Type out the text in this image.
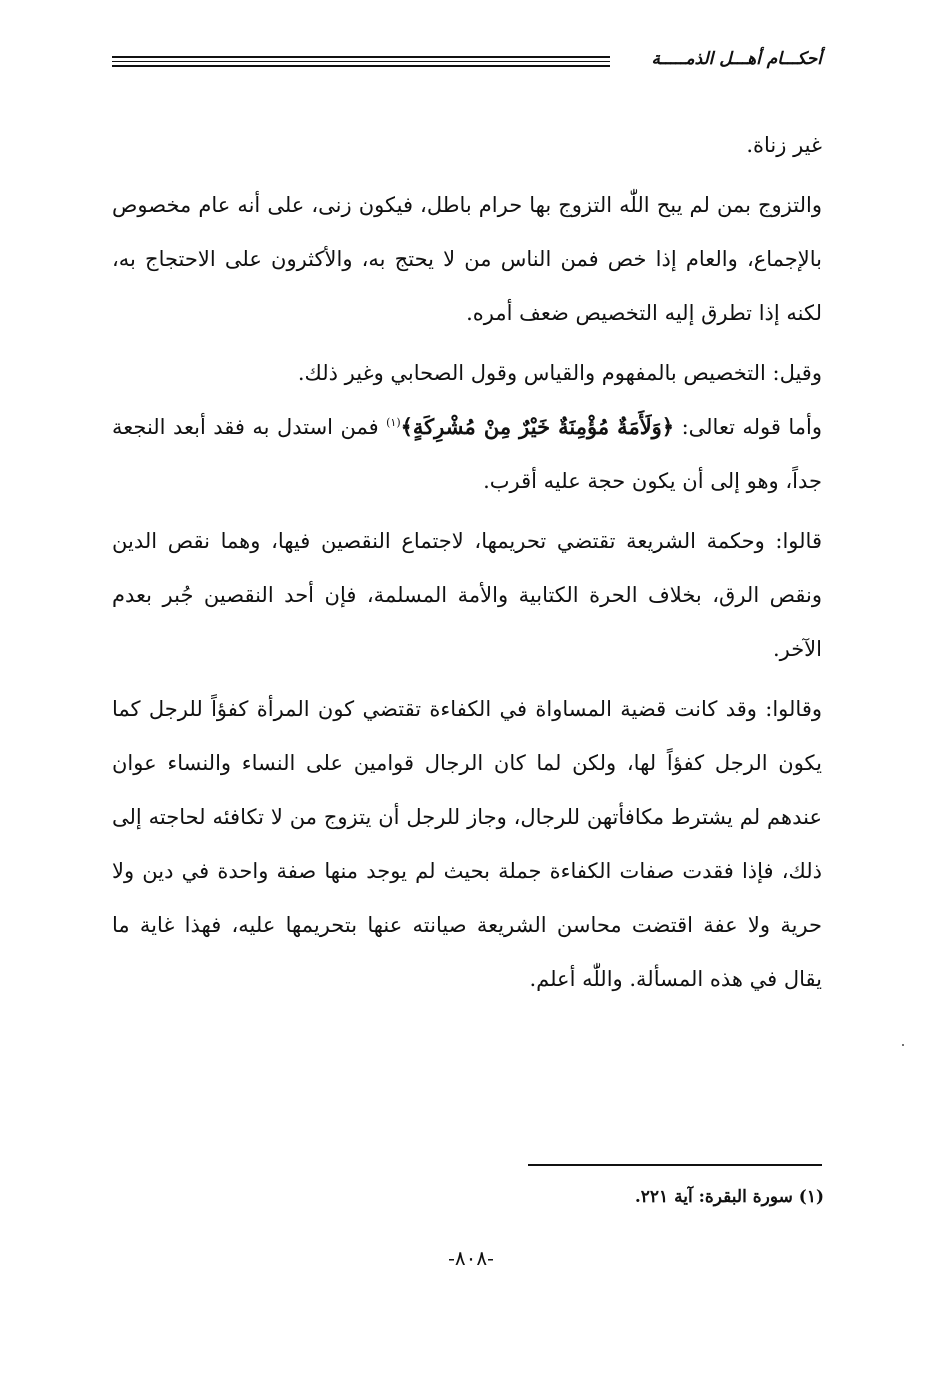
أحكـــام أهـــل الذمـــــة

غير زناة.

والتزوج بمن لم يبح اللّٰه التزوج بها حرام باطل، فيكون زنى، على أنه عام مخصوص بالإجماع، والعام إذا خص فمن الناس من لا يحتج به، والأكثرون على الاحتجاج به، لكنه إذا تطرق إليه التخصيص ضعف أمره.

وقيل: التخصيص بالمفهوم والقياس وقول الصحابي وغير ذلك.

وأما قوله تعالى: ﴿وَلَأَمَةٌ مُؤْمِنَةٌ خَيْرٌ مِنْ مُشْرِكَةٍ﴾$^{(١)}$ فمن استدل به فقد أبعد النجعة جداً، وهو إلى أن يكون حجة عليه أقرب.

قالوا: وحكمة الشريعة تقتضي تحريمها، لاجتماع النقصين فيها، وهما نقص الدين ونقص الرق، بخلاف الحرة الكتابية والأمة المسلمة، فإن أحد النقصين جُبر بعدم الآخر.

وقالوا: وقد كانت قضية المساواة في الكفاءة تقتضي كون المرأة كفؤاً للرجل كما يكون الرجل كفؤاً لها، ولكن لما كان الرجال قوامين على النساء والنساء عوان عندهم لم يشترط مكافأتهن للرجال، وجاز للرجل أن يتزوج من لا تكافئه لحاجته إلى ذلك، فإذا فقدت صفات الكفاءة جملة بحيث لم يوجد منها صفة واحدة في دين ولا حرية ولا عفة اقتضت محاسن الشريعة صيانته عنها بتحريمها عليه، فهذا غاية ما يقال في هذه المسألة. واللّٰه أعلم.

(١) سورة البقرة: آية ٢٢١.
-٨٠٨-
